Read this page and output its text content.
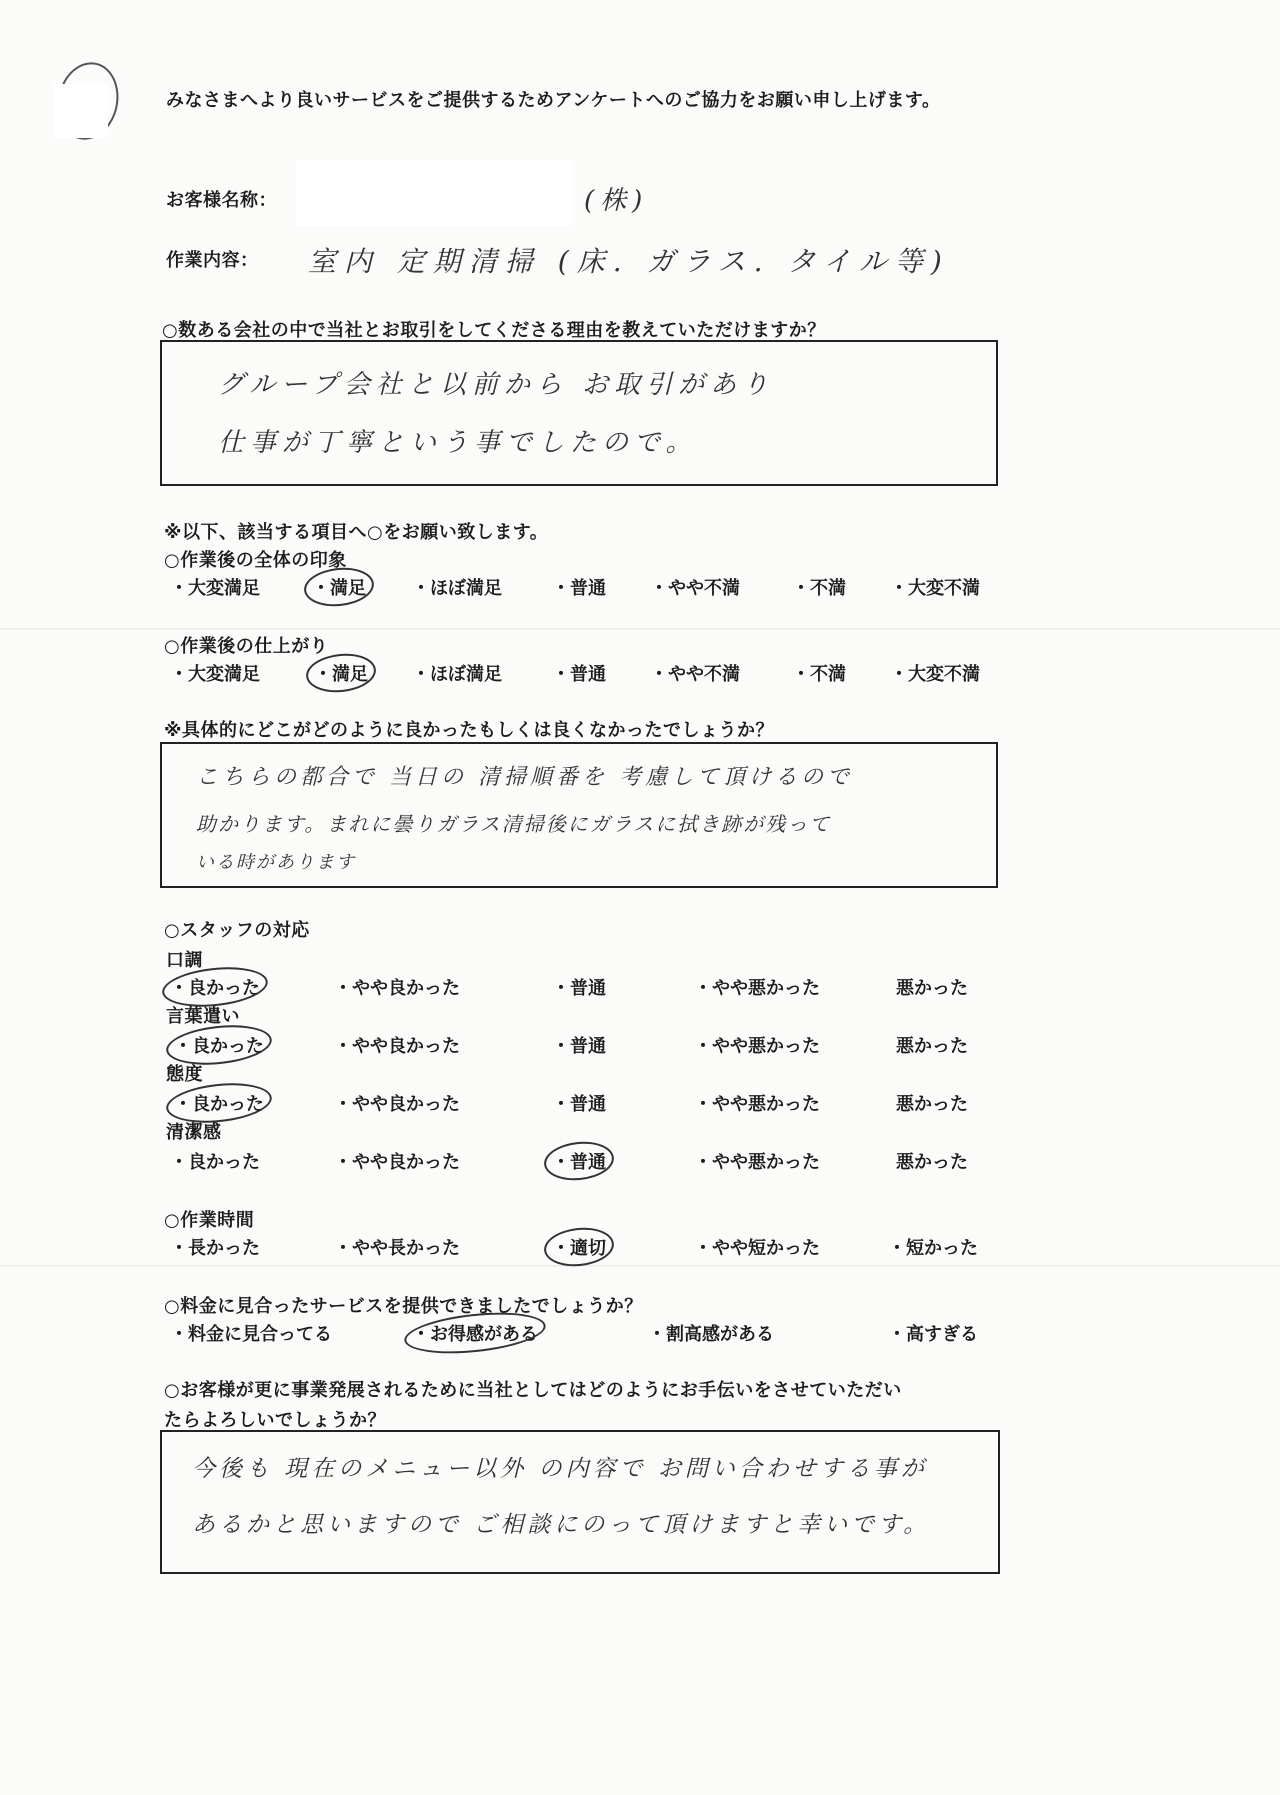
みなさまへより良いサービスをご提供するためアンケートへのご協力をお願い申し上げます。
お客様名称：	(株)
作業内容： 室内 定期清掃 (床. ガラス. タイル等)
○数ある会社の中で当社とお取引をしてくださる理由を教えていただけますか？
グループ会社と以前から お取引があり
仕事が丁寧という事でしたので。
※以下、該当する項目へ○をお願い致します。
○作業後の全体の印象
・大変満足	・満足	・ほぼ満足	・普通 ・やや不満	・不満 ・大変不満
○作業後の仕上がり
・大変満足	・満足 ・ほぼ満足	・普通 ・やや不満	・不満 ・大変不満
※具体的にどこがどのように良かったもしくは良くなかったでしょうか？
こちらの都合で 当日の 清掃順番を 考慮して頂けるので
助かります。まれに曇りガラス清掃後にガラスに拭き跡が残って
いる時があります
○スタッフの対応
口調
・良かった	・やや良かった	・普通	・やや悪かった	悪かった
言葉遣い
・良かった	・やや良かった	・普通	・やや悪かった	悪かった
態度
・良かった	・やや良かった	・普通	・やや悪かった	悪かった
清潔感
・良かった	・やや良かった	・普通	・やや悪かった	悪かった
○作業時間
・長かった	・やや長かった	・適切	・やや短かった	・短かった
○料金に見合ったサービスを提供できましたでしょうか？
・料金に見合ってる	・お得感がある	・割高感がある	・高すぎる
○お客様が更に事業発展されるために当社としてはどのようにお手伝いをさせていただい
たらよろしいでしょうか？
今後も 現在のメニュー以外 の内容で お問い合わせする事が
あるかと思いますので ご相談にのって頂けますと幸いです。
